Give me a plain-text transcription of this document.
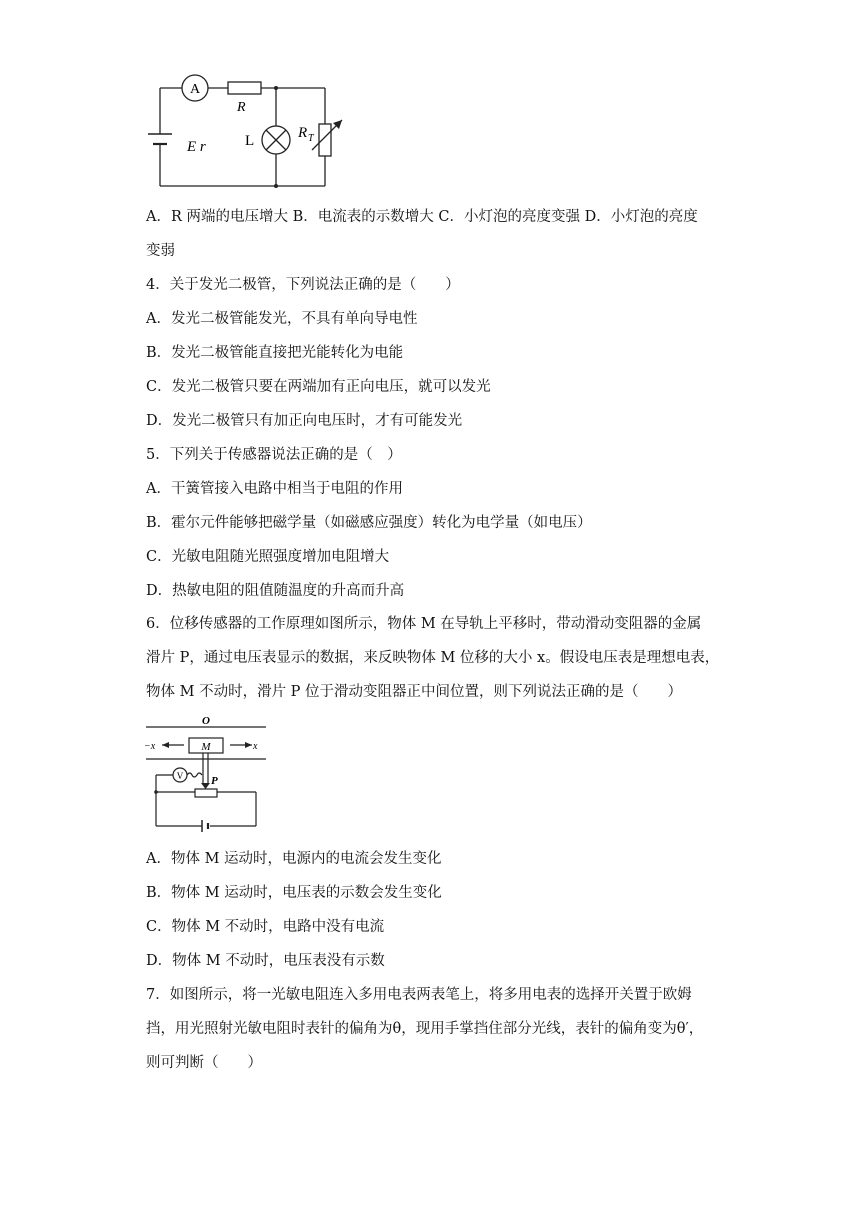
A
R
E r	L	R T
A．R 两端的电压增大 B．电流表的示数增大 C．小灯泡的亮度变强 D．小灯泡的亮度
变弱
4．关于发光二极管，下列说法正确的是（　　）
A．发光二极管能发光，不具有单向导电性
B．发光二极管能直接把光能转化为电能
C．发光二极管只要在两端加有正向电压，就可以发光
D．发光二极管只有加正向电压时，才有可能发光
5．下列关于传感器说法正确的是（　）
A．干簧管接入电路中相当于电阻的作用
B．霍尔元件能够把磁学量（如磁感应强度）转化为电学量（如电压）
C．光敏电阻随光照强度增加电阻增大
D．热敏电阻的阻值随温度的升高而升高
6．位移传感器的工作原理如图所示，物体 M 在导轨上平移时，带动滑动变阻器的金属
滑片 P，通过电压表显示的数据，来反映物体 M 位移的大小 x。假设电压表是理想电表，
物体 M 不动时，滑片 P 位于滑动变阻器正中间位置，则下列说法正确的是（　　）
O
−x	x
M
V	P
A．物体 M 运动时，电源内的电流会发生变化
B．物体 M 运动时，电压表的示数会发生变化
C．物体 M 不动时，电路中没有电流
D．物体 M 不动时，电压表没有示数
7．如图所示，将一光敏电阻连入多用电表两表笔上，将多用电表的选择开关置于欧姆
挡，用光照射光敏电阻时表针的偏角为θ，现用手掌挡住部分光线，表针的偏角变为θ′，
则可判断（　　）
